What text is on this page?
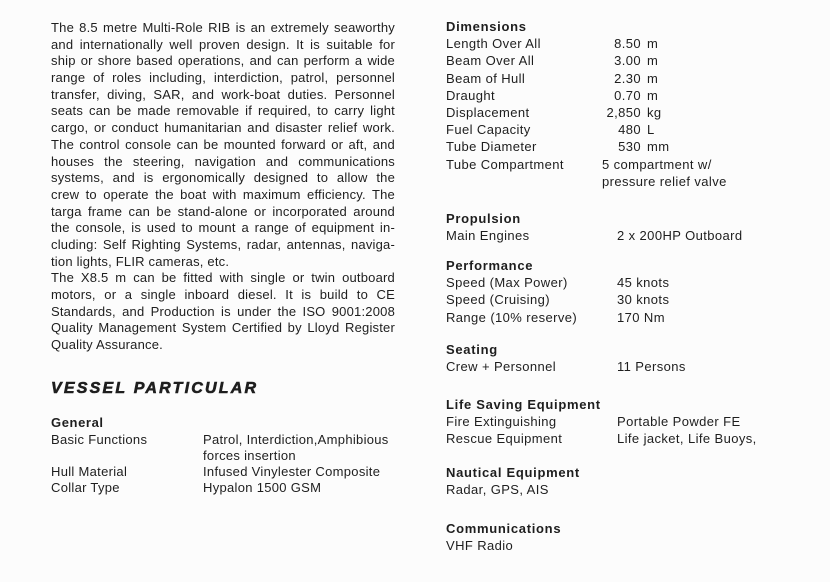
The 8.5 metre Multi-Role RIB is an extremely seaworthy
and internationally well proven design. It is suitable for
ship or shore based operations, and can perform a wide
range of roles including, interdiction, patrol, personnel
transfer, diving, SAR, and work-boat duties. Personnel
seats can be made removable if required, to carry light
cargo, or conduct humanitarian and disaster relief work.
The control console can be mounted forward or aft, and
houses the steering, navigation and communications
systems, and is ergonomically designed to allow the
crew to operate the boat with maximum efficiency. The
targa frame can be stand-alone or incorporated around
the console, is used to mount a range of equipment in-
cluding: Self Righting Systems, radar, antennas, naviga-
tion lights, FLIR cameras, etc.
The X8.5 m can be fitted with single or twin outboard
motors, or a single inboard diesel. It is build to CE
Standards, and Production is under the ISO 9001:2008
Quality Management System Certified by Lloyd Register
Quality Assurance.
VESSEL PARTICULAR
General
Basic Functions	Patrol, Interdiction,Amphibious
forces insertion
Hull Material	Infused Vinylester Composite
Collar Type	Hypalon 1500 GSM
Dimensions
Length Over All	8.50 m
Beam Over All	3.00 m
Beam of Hull	2.30 m
Draught	0.70 m
Displacement	2,850 kg
Fuel Capacity	480 L
Tube Diameter	530 mm
Tube Compartment	5 compartment w/
pressure relief valve
Propulsion
Main Engines	2 x 200HP Outboard
Performance
Speed (Max Power)	45 knots
Speed (Cruising)	30 knots
Range (10% reserve)	170 Nm
Seating
Crew + Personnel	11 Persons
Life Saving Equipment
Fire Extinguishing	Portable Powder FE
Rescue Equipment	Life jacket, Life Buoys,
Nautical Equipment
Radar, GPS, AIS
Communications
VHF Radio
